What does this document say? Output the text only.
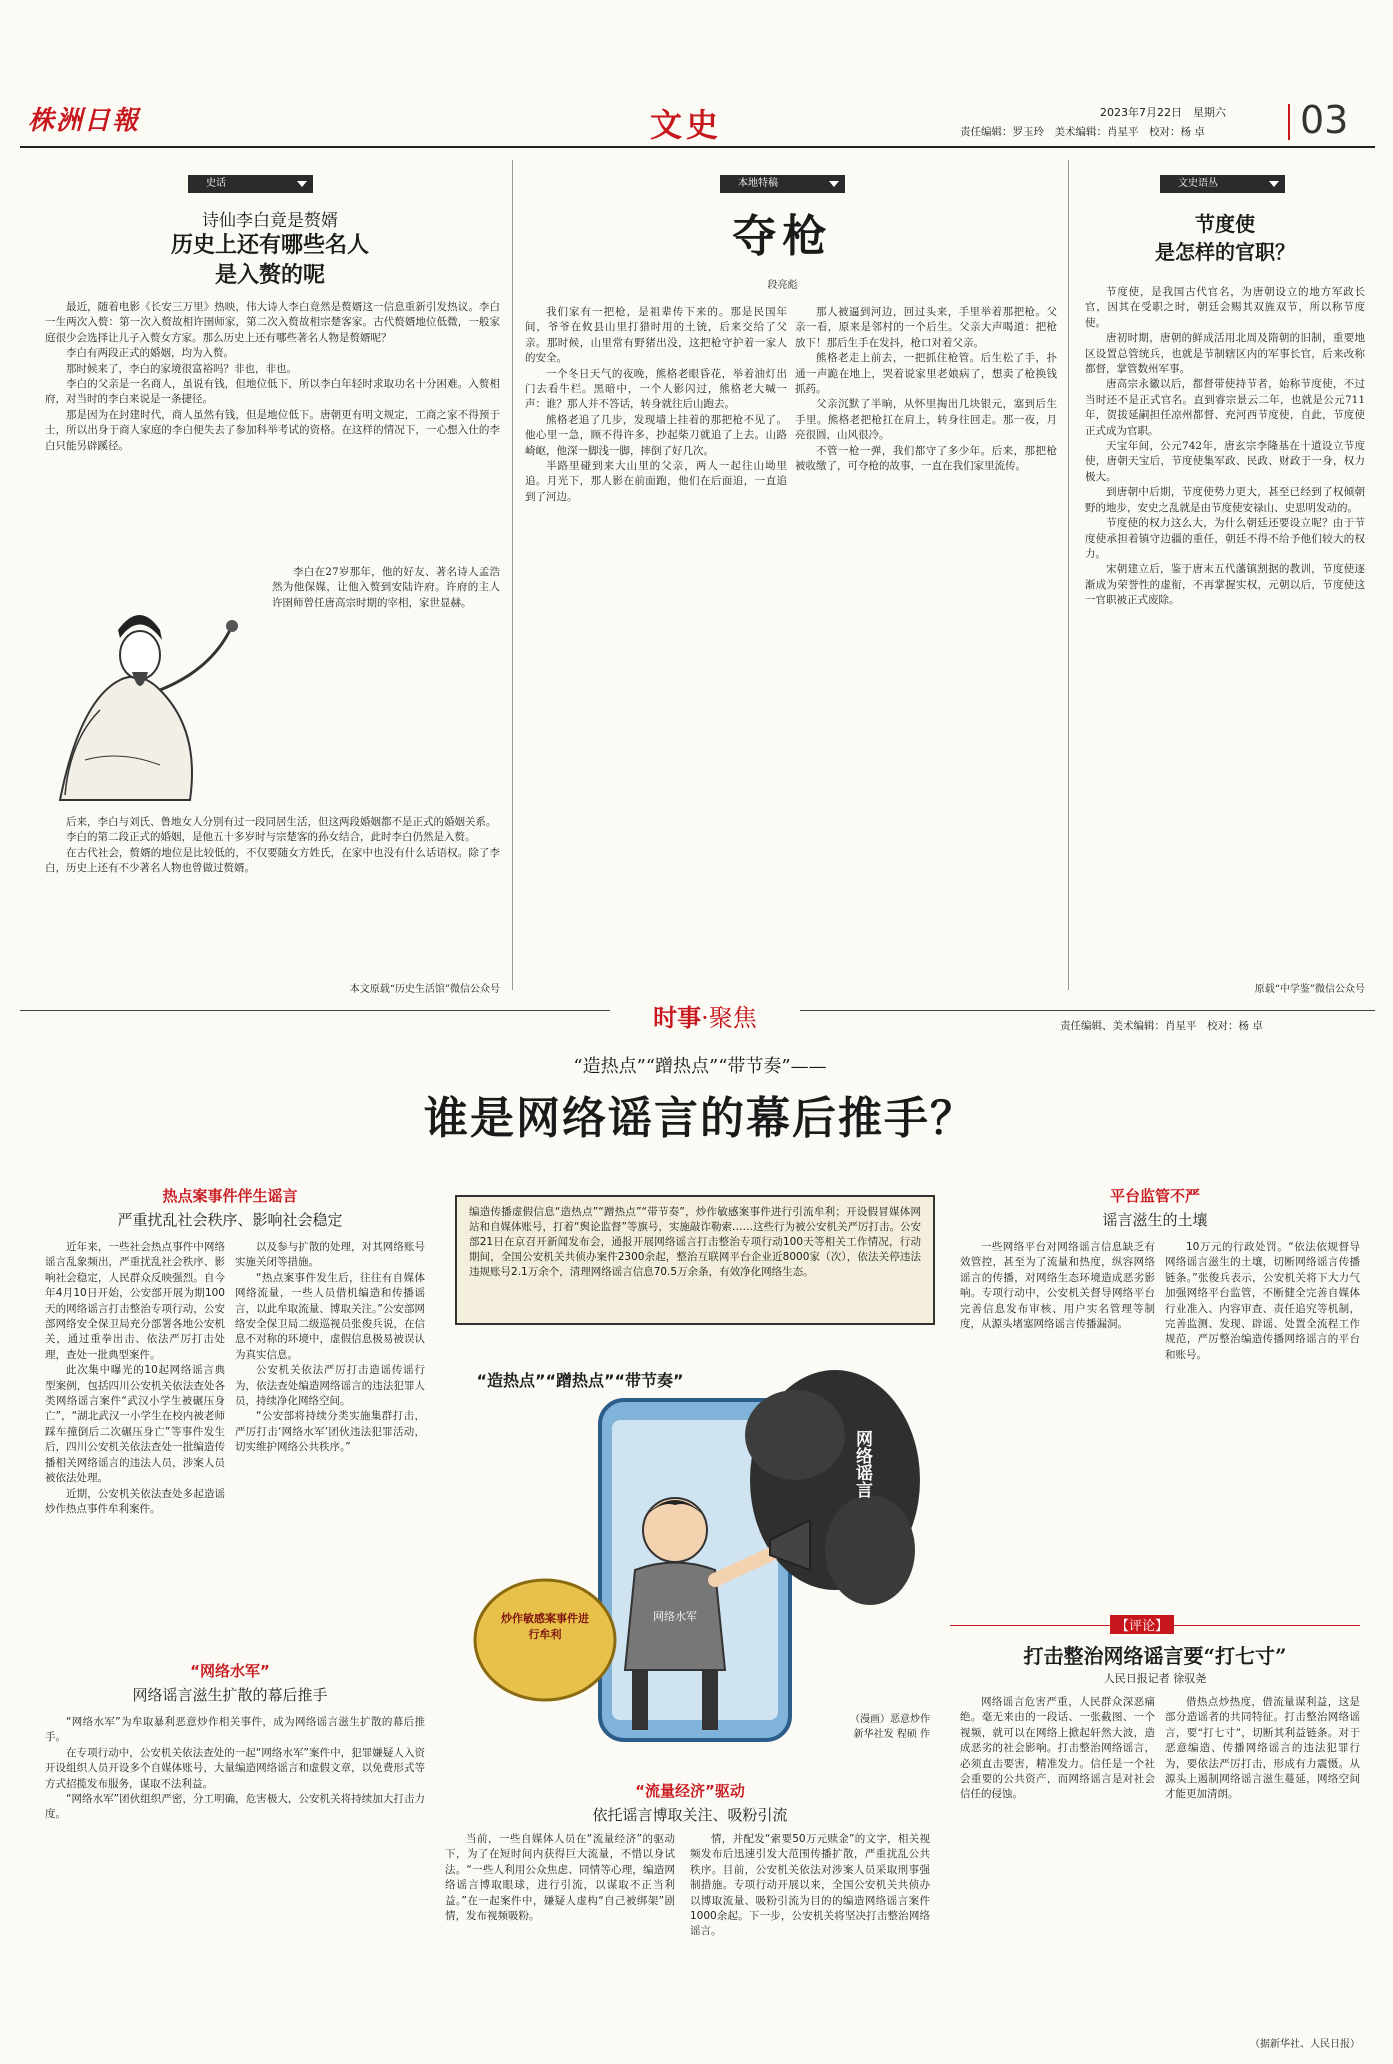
株洲日報	文史	2023年7月22日　星期六
责任编辑：罗玉玲　美术编辑：肖星平　校对：杨 卓	03
史话
诗仙李白竟是赘婿
历史上还有哪些名人
是入赘的呢

最近，随着电影《长安三万里》热映，伟大诗人李白竟然是赘婿这一信息重新引发热议。李白一生两次入赘：第一次入赘故相许圉师家，第二次入赘故相宗楚客家。古代赘婿地位低微，一般家庭很少会选择让儿子入赘女方家。那么历史上还有哪些著名人物是赘婿呢？

李白有两段正式的婚姻，均为入赘。

那时候来了，李白的家境很富裕吗？非也，非也。

李白的父亲是一名商人，虽说有钱，但地位低下，所以李白年轻时求取功名十分困难。入赘相府，对当时的李白来说是一条捷径。

那是因为在封建时代，商人虽然有钱，但是地位低下。唐朝更有明文规定，工商之家不得预于士，所以出身于商人家庭的李白便失去了参加科举考试的资格。在这样的情况下，一心想入仕的李白只能另辟蹊径。

李白在27岁那年，他的好友、著名诗人孟浩然为他保媒，让他入赘到安陆许府。许府的主人许圉师曾任唐高宗时期的宰相，家世显赫。

后来，李白与刘氏、鲁地女人分别有过一段同居生活，但这两段婚姻都不是正式的婚姻关系。

李白的第二段正式的婚姻，是他五十多岁时与宗楚客的孙女结合，此时李白仍然是入赘。

在古代社会，赘婿的地位是比较低的，不仅要随女方姓氏，在家中也没有什么话语权。除了李白，历史上还有不少著名人物也曾做过赘婿。

本文原载“历史生活馆”微信公众号
本地特稿
夺枪
段亮彪

我们家有一把枪，是祖辈传下来的。那是民国年间，爷爷在攸县山里打猎时用的土铳，后来交给了父亲。那时候，山里常有野猪出没，这把枪守护着一家人的安全。

一个冬日天气的夜晚，熊格老眼昏花，举着油灯出门去看牛栏。黑暗中，一个人影闪过，熊格老大喊一声：谁？那人并不答话，转身就往后山跑去。

熊格老追了几步，发现墙上挂着的那把枪不见了。他心里一急，顾不得许多，抄起柴刀就追了上去。山路崎岖，他深一脚浅一脚，摔倒了好几次。

半路里碰到来大山里的父亲，两人一起往山坳里追。月光下，那人影在前面跑，他们在后面追，一直追到了河边。

那人被逼到河边，回过头来，手里举着那把枪。父亲一看，原来是邻村的一个后生。父亲大声喝道：把枪放下！那后生手在发抖，枪口对着父亲。

熊格老走上前去，一把抓住枪管。后生松了手，扑通一声跪在地上，哭着说家里老娘病了，想卖了枪换钱抓药。

父亲沉默了半晌，从怀里掏出几块银元，塞到后生手里。熊格老把枪扛在肩上，转身往回走。那一夜，月亮很圆，山风很冷。

不管一枪一弹，我们都守了多少年。后来，那把枪被收缴了，可夺枪的故事，一直在我们家里流传。

文史语丛
节度使
是怎样的官职？

节度使，是我国古代官名，为唐朝设立的地方军政长官，因其在受职之时，朝廷会赐其双旌双节，所以称节度使。

唐初时期，唐朝的鲜成活用北周及隋朝的旧制，重要地区设置总管统兵，也就是节制辖区内的军事长官，后来改称都督，掌管数州军事。

唐高宗永徽以后，都督带使持节者，始称节度使，不过当时还不是正式官名。直到睿宗景云二年，也就是公元711年，贺拔延嗣担任凉州都督、充河西节度使，自此，节度使正式成为官职。

天宝年间，公元742年，唐玄宗李隆基在十道设立节度使，唐朝天宝后，节度使集军政、民政、财政于一身，权力极大。

到唐朝中后期，节度使势力更大，甚至已经到了权倾朝野的地步，安史之乱就是由节度使安禄山、史思明发动的。

节度使的权力这么大，为什么朝廷还要设立呢？由于节度使承担着镇守边疆的重任，朝廷不得不给予他们较大的权力。

宋朝建立后，鉴于唐末五代藩镇割据的教训，节度使逐渐成为荣誉性的虚衔，不再掌握实权，元朝以后，节度使这一官职被正式废除。

原载“中学鉴”微信公众号
时事·聚焦	责任编辑、美术编辑：肖星平　校对：杨 卓
“造热点”“蹭热点”“带节奏”——
谁是网络谣言的幕后推手？
编造传播虚假信息“造热点”“蹭热点”“带节奏”，炒作敏感案事件进行引流牟利；开设假冒媒体网站和自媒体账号，打着“舆论监督”等旗号，实施敲诈勒索……这些行为被公安机关严厉打击。公安部21日在京召开新闻发布会，通报开展网络谣言打击整治专项行动100天等相关工作情况，行动期间，全国公安机关共侦办案件2300余起，整治互联网平台企业近8000家（次），依法关停违法违规账号2.1万余个，清理网络谣言信息70.5万余条，有效净化网络生态。
热点案事件伴生谣言
严重扰乱社会秩序、影响社会稳定

近年来，一些社会热点事件中网络谣言乱象频出，严重扰乱社会秩序、影响社会稳定，人民群众反映强烈。自今年4月10日开始，公安部开展为期100天的网络谣言打击整治专项行动，公安部网络安全保卫局充分部署各地公安机关，通过重拳出击、依法严厉打击处理，查处一批典型案件。

此次集中曝光的10起网络谣言典型案例，包括四川公安机关依法查处各类网络谣言案件“武汉小学生被碾压身亡”，“湖北武汉一小学生在校内被老师踩车撞倒后二次碾压身亡”等事件发生后，四川公安机关依法查处一批编造传播相关网络谣言的违法人员，涉案人员被依法处理。

近期，公安机关依法查处多起造谣炒作热点事件牟利案件。

以及参与扩散的处理，对其网络账号实施关闭等措施。

“热点案事件发生后，往往有自媒体网络流量，一些人员借机编造和传播谣言，以此牟取流量、博取关注。”公安部网络安全保卫局二级巡视员张俊兵说，在信息不对称的环境中，虚假信息极易被误认为真实信息。

公安机关依法严厉打击造谣传谣行为，依法查处编造网络谣言的违法犯罪人员，持续净化网络空间。

“公安部将持续分类实施集群打击，严厉打击‘网络水军’团伙违法犯罪活动，切实维护网络公共秩序。”

“网络水军”
网络谣言滋生扩散的幕后推手

“网络水军”为牟取暴利恶意炒作相关事件，成为网络谣言滋生扩散的幕后推手。

在专项行动中，公安机关依法查处的一起“网络水军”案件中，犯罪嫌疑人入资开设组织人员开设多个自媒体账号，大量编造网络谣言和虚假文章，以免费形式等方式招揽发布服务，谋取不法利益。

“网络水军”团伙组织严密，分工明确，危害极大，公安机关将持续加大打击力度。

“造热点”“蹭热点”“带节奏”
网络谣言
炒作敏感案事件进行牟利
网络水军
（漫画）恶意炒作
新华社发 程硕 作
“流量经济”驱动
依托谣言博取关注、吸粉引流

当前，一些自媒体人员在“流量经济”的驱动下，为了在短时间内获得巨大流量，不惜以身试法。“一些人利用公众焦虑、同情等心理，编造网络谣言博取眼球，进行引流，以谋取不正当利益。”在一起案件中，嫌疑人虚构“自己被绑架”剧情，发布视频吸粉。

情，并配发“索要50万元赎金”的文字，相关视频发布后迅速引发大范围传播扩散，严重扰乱公共秩序。目前，公安机关依法对涉案人员采取刑事强制措施。专项行动开展以来，全国公安机关共侦办以博取流量、吸粉引流为目的的编造网络谣言案件1000余起。下一步，公安机关将坚决打击整治网络谣言。

平台监管不严
谣言滋生的土壤

一些网络平台对网络谣言信息缺乏有效管控，甚至为了流量和热度，纵容网络谣言的传播，对网络生态环境造成恶劣影响。专项行动中，公安机关督导网络平台完善信息发布审核、用户实名管理等制度，从源头堵塞网络谣言传播漏洞。

10万元的行政处罚。“依法依规督导网络谣言滋生的土壤，切断网络谣言传播链条。”张俊兵表示，公安机关将下大力气加强网络平台监管，不断健全完善自媒体行业准入、内容审查、责任追究等机制，完善监测、发现、辟谣、处置全流程工作规范，严厉整治编造传播网络谣言的平台和账号。

【评论】
打击整治网络谣言要“打七寸”
人民日报记者 徐驭尧

网络谣言危害严重，人民群众深恶痛绝。毫无来由的一段话、一张截图、一个视频，就可以在网络上掀起轩然大波，造成恶劣的社会影响。打击整治网络谣言，必须直击要害，精准发力。信任是一个社会重要的公共资产，而网络谣言是对社会信任的侵蚀。

借热点炒热度，借流量谋利益，这是部分造谣者的共同特征。打击整治网络谣言，要“打七寸”，切断其利益链条。对于恶意编造、传播网络谣言的违法犯罪行为，要依法严厉打击，形成有力震慑。从源头上遏制网络谣言滋生蔓延，网络空间才能更加清朗。

（据新华社、人民日报）
